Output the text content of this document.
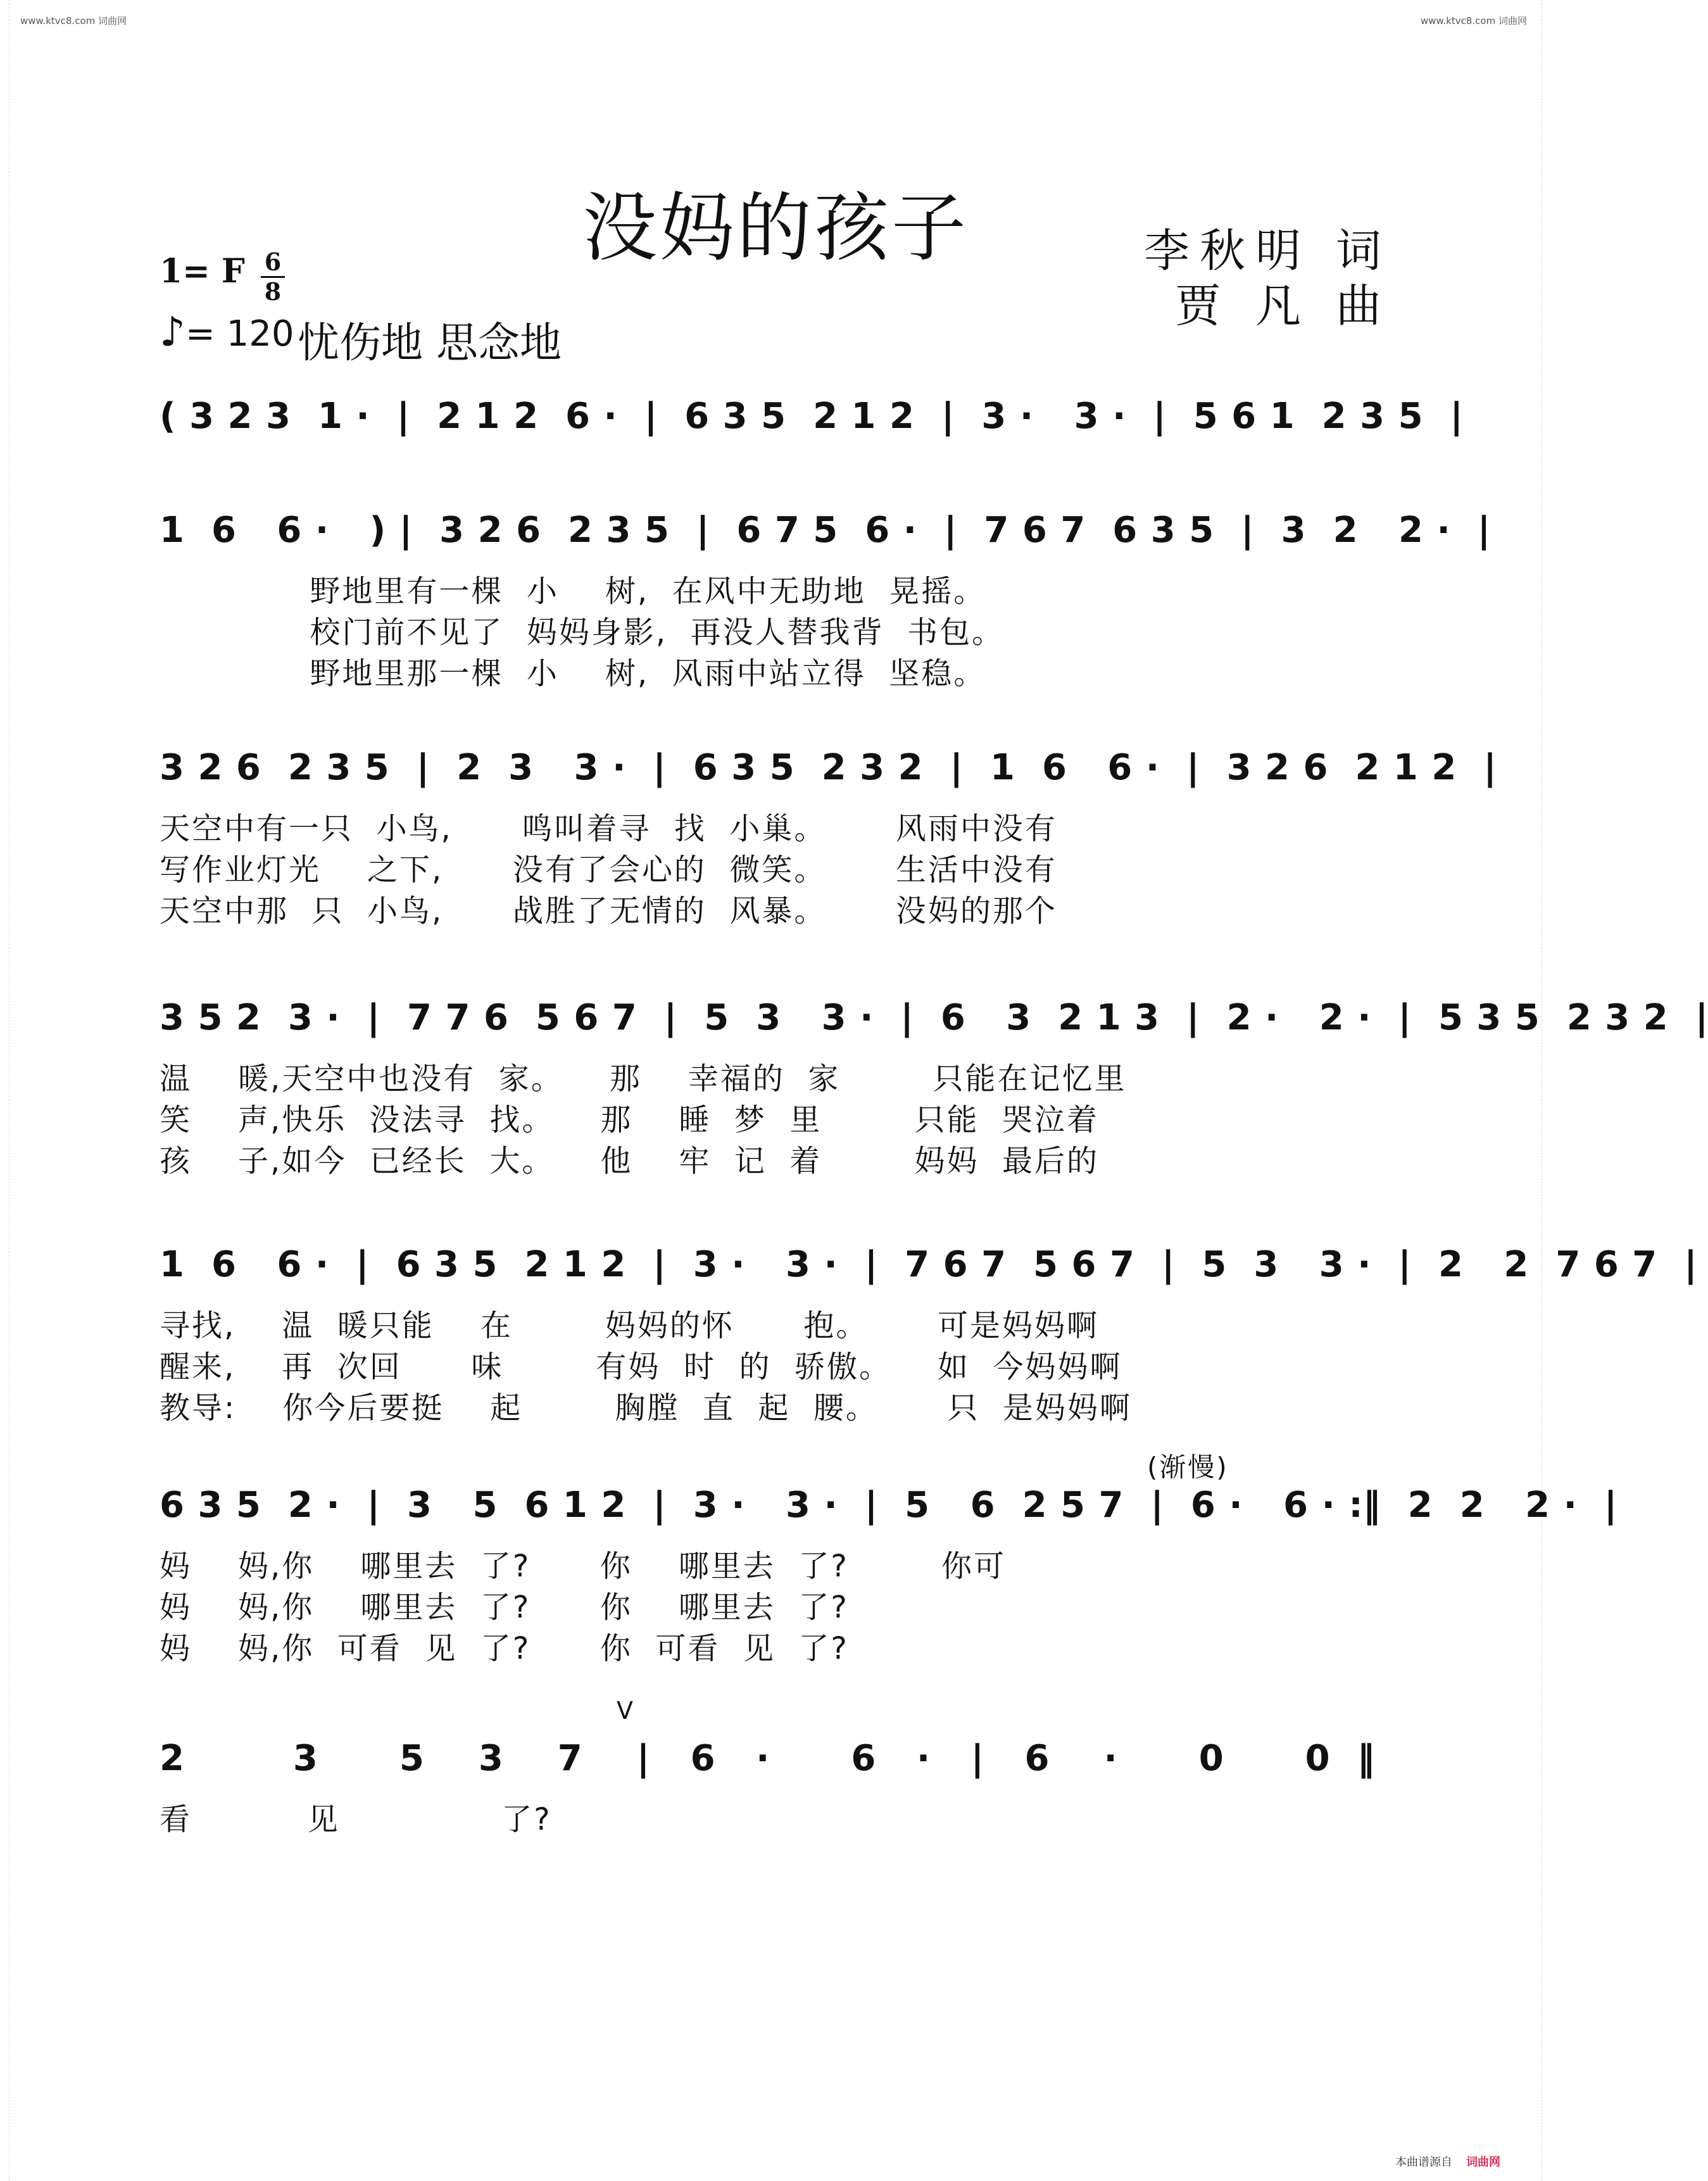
www.ktvc8.com 词曲网	www.ktvc8.com 词曲网
没妈的孩子	李秋明 词
贾 凡 曲
1= F 6
8
♪= 120 忧伤地 思念地
( 3 2 3  1 ·  |  2 1 2  6 ·  |  6 3 5  2 1 2  |  3 ·   3 ·  |  5 6 1  2 3 5  |
1  6   6 ·   ) |  3 2 6  2 3 5  |  6 7 5  6 ·  |  7 6 7  6 3 5  |  3  2   2 ·  |
野地里有一棵  小    树,  在风中无助地  晃摇。
校门前不见了  妈妈身影,  再没人替我背  书包。
野地里那一棵  小    树,  风雨中站立得  坚稳。
3 2 6  2 3 5  |  2  3   3 ·  |  6 3 5  2 3 2  |  1  6   6 ·  |  3 2 6  2 1 2  |
天空中有一只  小鸟,      鸣叫着寻  找  小巢。      风雨中没有
写作业灯光    之下,      没有了会心的  微笑。      生活中没有
天空中那  只  小鸟,      战胜了无情的  风暴。      没妈的那个
3 5 2  3 ·  |  7 7 6  5 6 7  |  5  3   3 ·  |  6   3  2 1 3  |  2 ·   2 ·  |  5 3 5  2 3 2  |
温    暖,天空中也没有  家。    那    幸福的  家        只能在记忆里
笑    声,快乐  没法寻  找。    那    睡  梦  里        只能  哭泣着
孩    子,如今  已经长  大。    他    牢  记  着        妈妈  最后的
1  6   6 ·  |  6 3 5  2 1 2  |  3 ·   3 ·  |  7 6 7  5 6 7  |  5  3   3 ·  |  2   2  7 6 7  |
寻找,    温  暖只能    在        妈妈的怀      抱。      可是妈妈啊
醒来,    再  次回      味        有妈  时  的  骄傲。    如  今妈妈啊
教导:    你今后要挺    起        胸膛  直  起  腰。      只  是妈妈啊
(渐慢)
6 3 5  2 ·  |  3   5  6 1 2  |  3 ·   3 ·  |  5   6  2 5 7  |  6 ·   6 · :‖  2  2   2 ·  |
妈    妈,你    哪里去  了?      你    哪里去  了?        你可
妈    妈,你    哪里去  了?      你    哪里去  了?
妈    妈,你  可看  见  了?      你  可看  见  了?
V
2        3      5    3    7    |   6   ·      6   ·   |   6    ·      0      0  ‖
看          见              了?
本曲谱源自 词曲网
